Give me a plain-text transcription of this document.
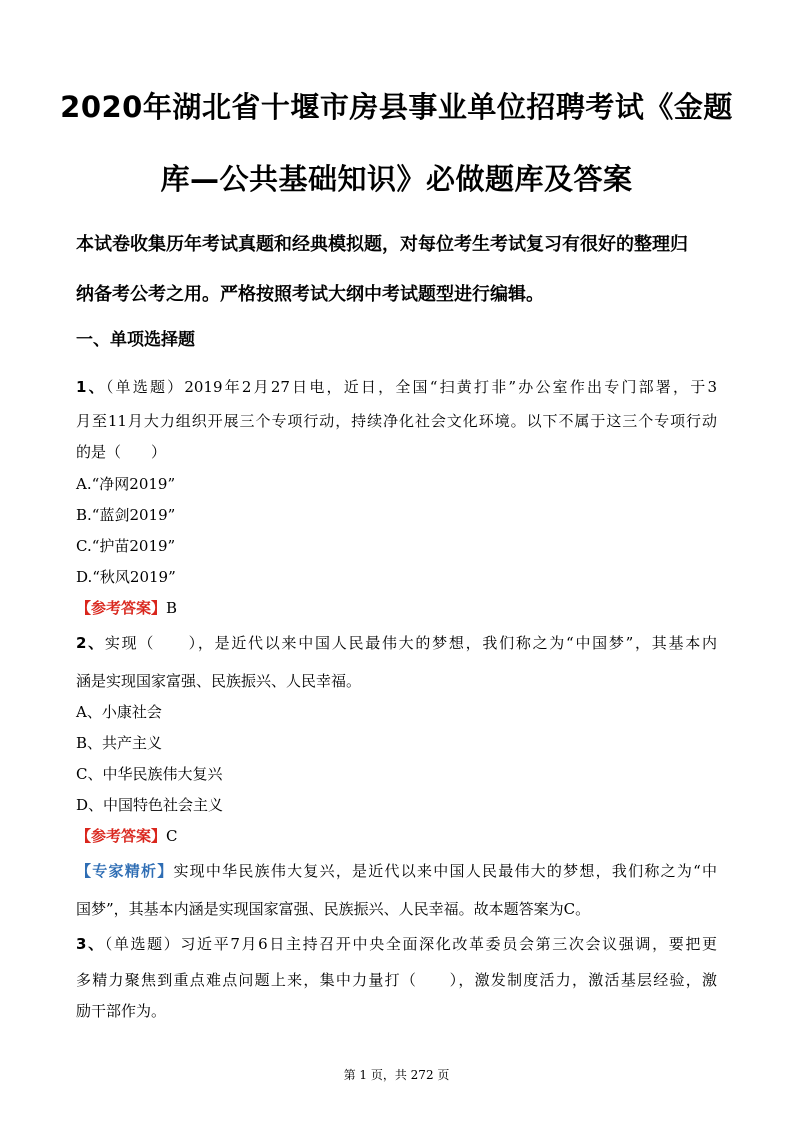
2020年湖北省十堰市房县事业单位招聘考试《金题
库—公共基础知识》必做题库及答案
本试卷收集历年考试真题和经典模拟题，对每位考生考试复习有很好的整理归
纳备考公考之用。严格按照考试大纲中考试题型进行编辑。
一、单项选择题
1、（单选题）2019年2月27日电，近日，全国“扫黄打非”办公室作出专门部署，于3
月至11月大力组织开展三个专项行动，持续净化社会文化环境。以下不属于这三个专项行动
的是（　　）
A.“净网2019”
B.“蓝剑2019”
C.“护苗2019”
D.“秋风2019”
【参考答案】B
2、实现（　　），是近代以来中国人民最伟大的梦想，我们称之为“中国梦”，其基本内
涵是实现国家富强、民族振兴、人民幸福。
A、小康社会
B、共产主义
C、中华民族伟大复兴
D、中国特色社会主义
【参考答案】C
【专家精析】实现中华民族伟大复兴，是近代以来中国人民最伟大的梦想，我们称之为“中
国梦”，其基本内涵是实现国家富强、民族振兴、人民幸福。故本题答案为C。
3、（单选题）习近平7月6日主持召开中央全面深化改革委员会第三次会议强调，要把更
多精力聚焦到重点难点问题上来，集中力量打（　　），激发制度活力，激活基层经验，激
励干部作为。
第 1 页，共 272 页
